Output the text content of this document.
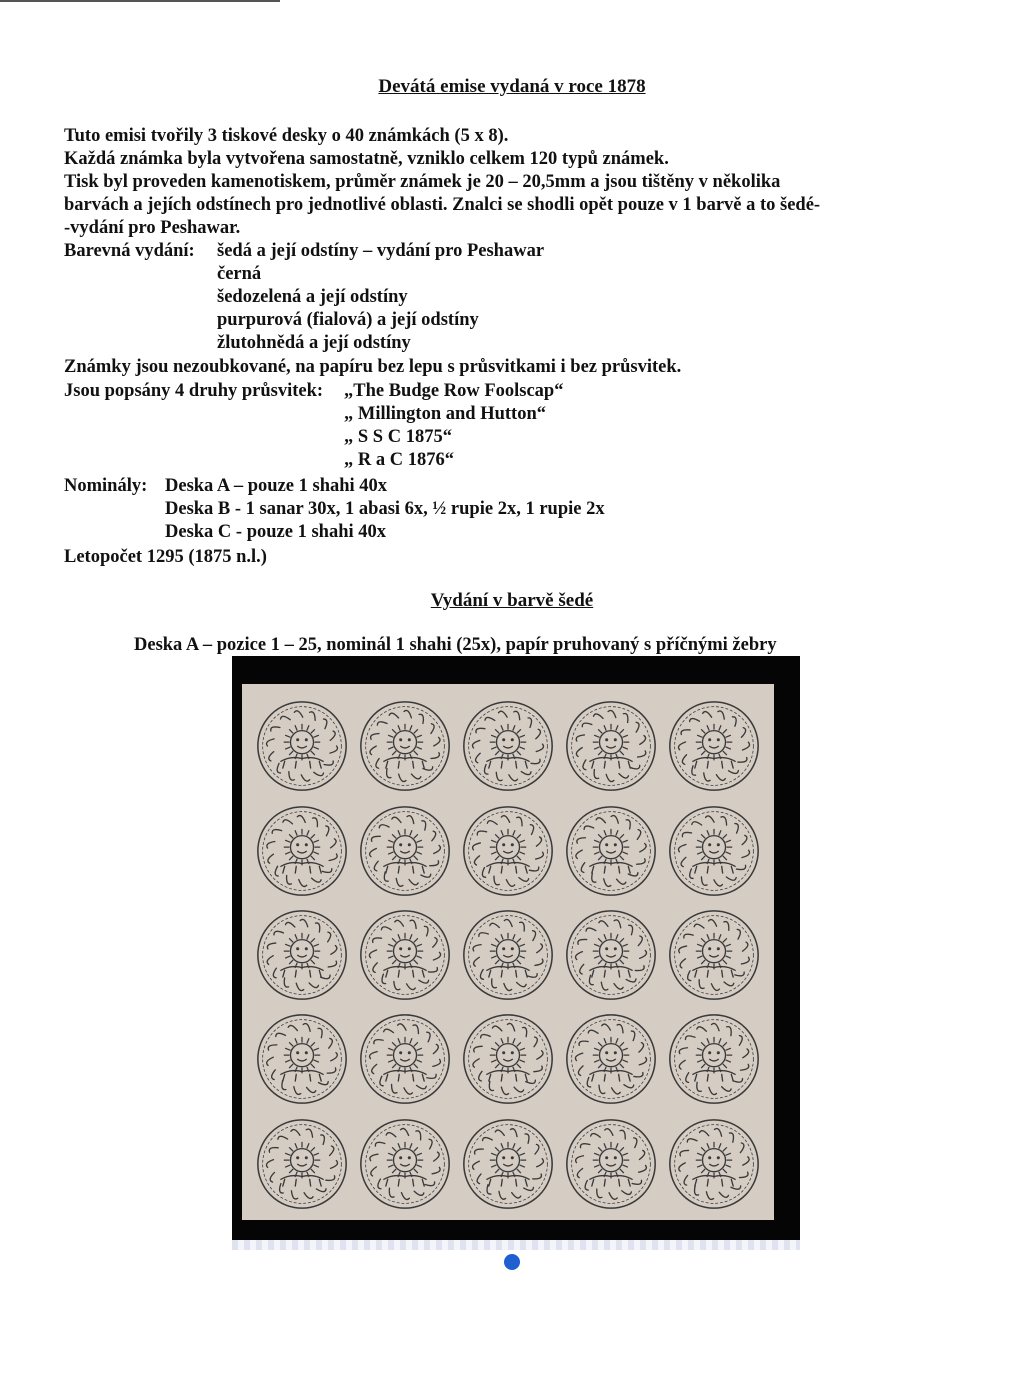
Devátá emise vydaná v roce 1878
Tuto emisi tvořily 3 tiskové desky o 40 známkách (5 x 8).
Každá známka byla vytvořena samostatně, vzniklo celkem 120 typů známek.
Tisk byl proveden kamenotiskem, průměr známek je 20 – 20,5mm a jsou tištěny v několika
barvách a jejích odstínech pro jednotlivé oblasti. Znalci se shodli opět pouze v 1 barvě a to šedé-
-vydání pro Peshawar.
Barevná vydání: šedá a její odstíny – vydání pro Peshawar
černá
šedozelená a její odstíny
purpurová (fialová) a její odstíny
žlutohnědá a její odstíny
Známky jsou nezoubkované, na papíru bez lepu s průsvitkami i bez průsvitek.
Jsou popsány 4 druhy průsvitek: „The Budge Row Foolscap“
„ Millington and Hutton“
„ S S C 1875“
„ R a C 1876“
Nominály: Deska A – pouze 1 shahi 40x
Deska B - 1 sanar 30x, 1 abasi 6x, ½ rupie 2x, 1 rupie 2x
Deska C - pouze 1 shahi 40x
Letopočet 1295 (1875 n.l.)
Vydání v barvě šedé
Deska A – pozice 1 – 25, nominál 1 shahi (25x), papír pruhovaný s příčnými žebry
